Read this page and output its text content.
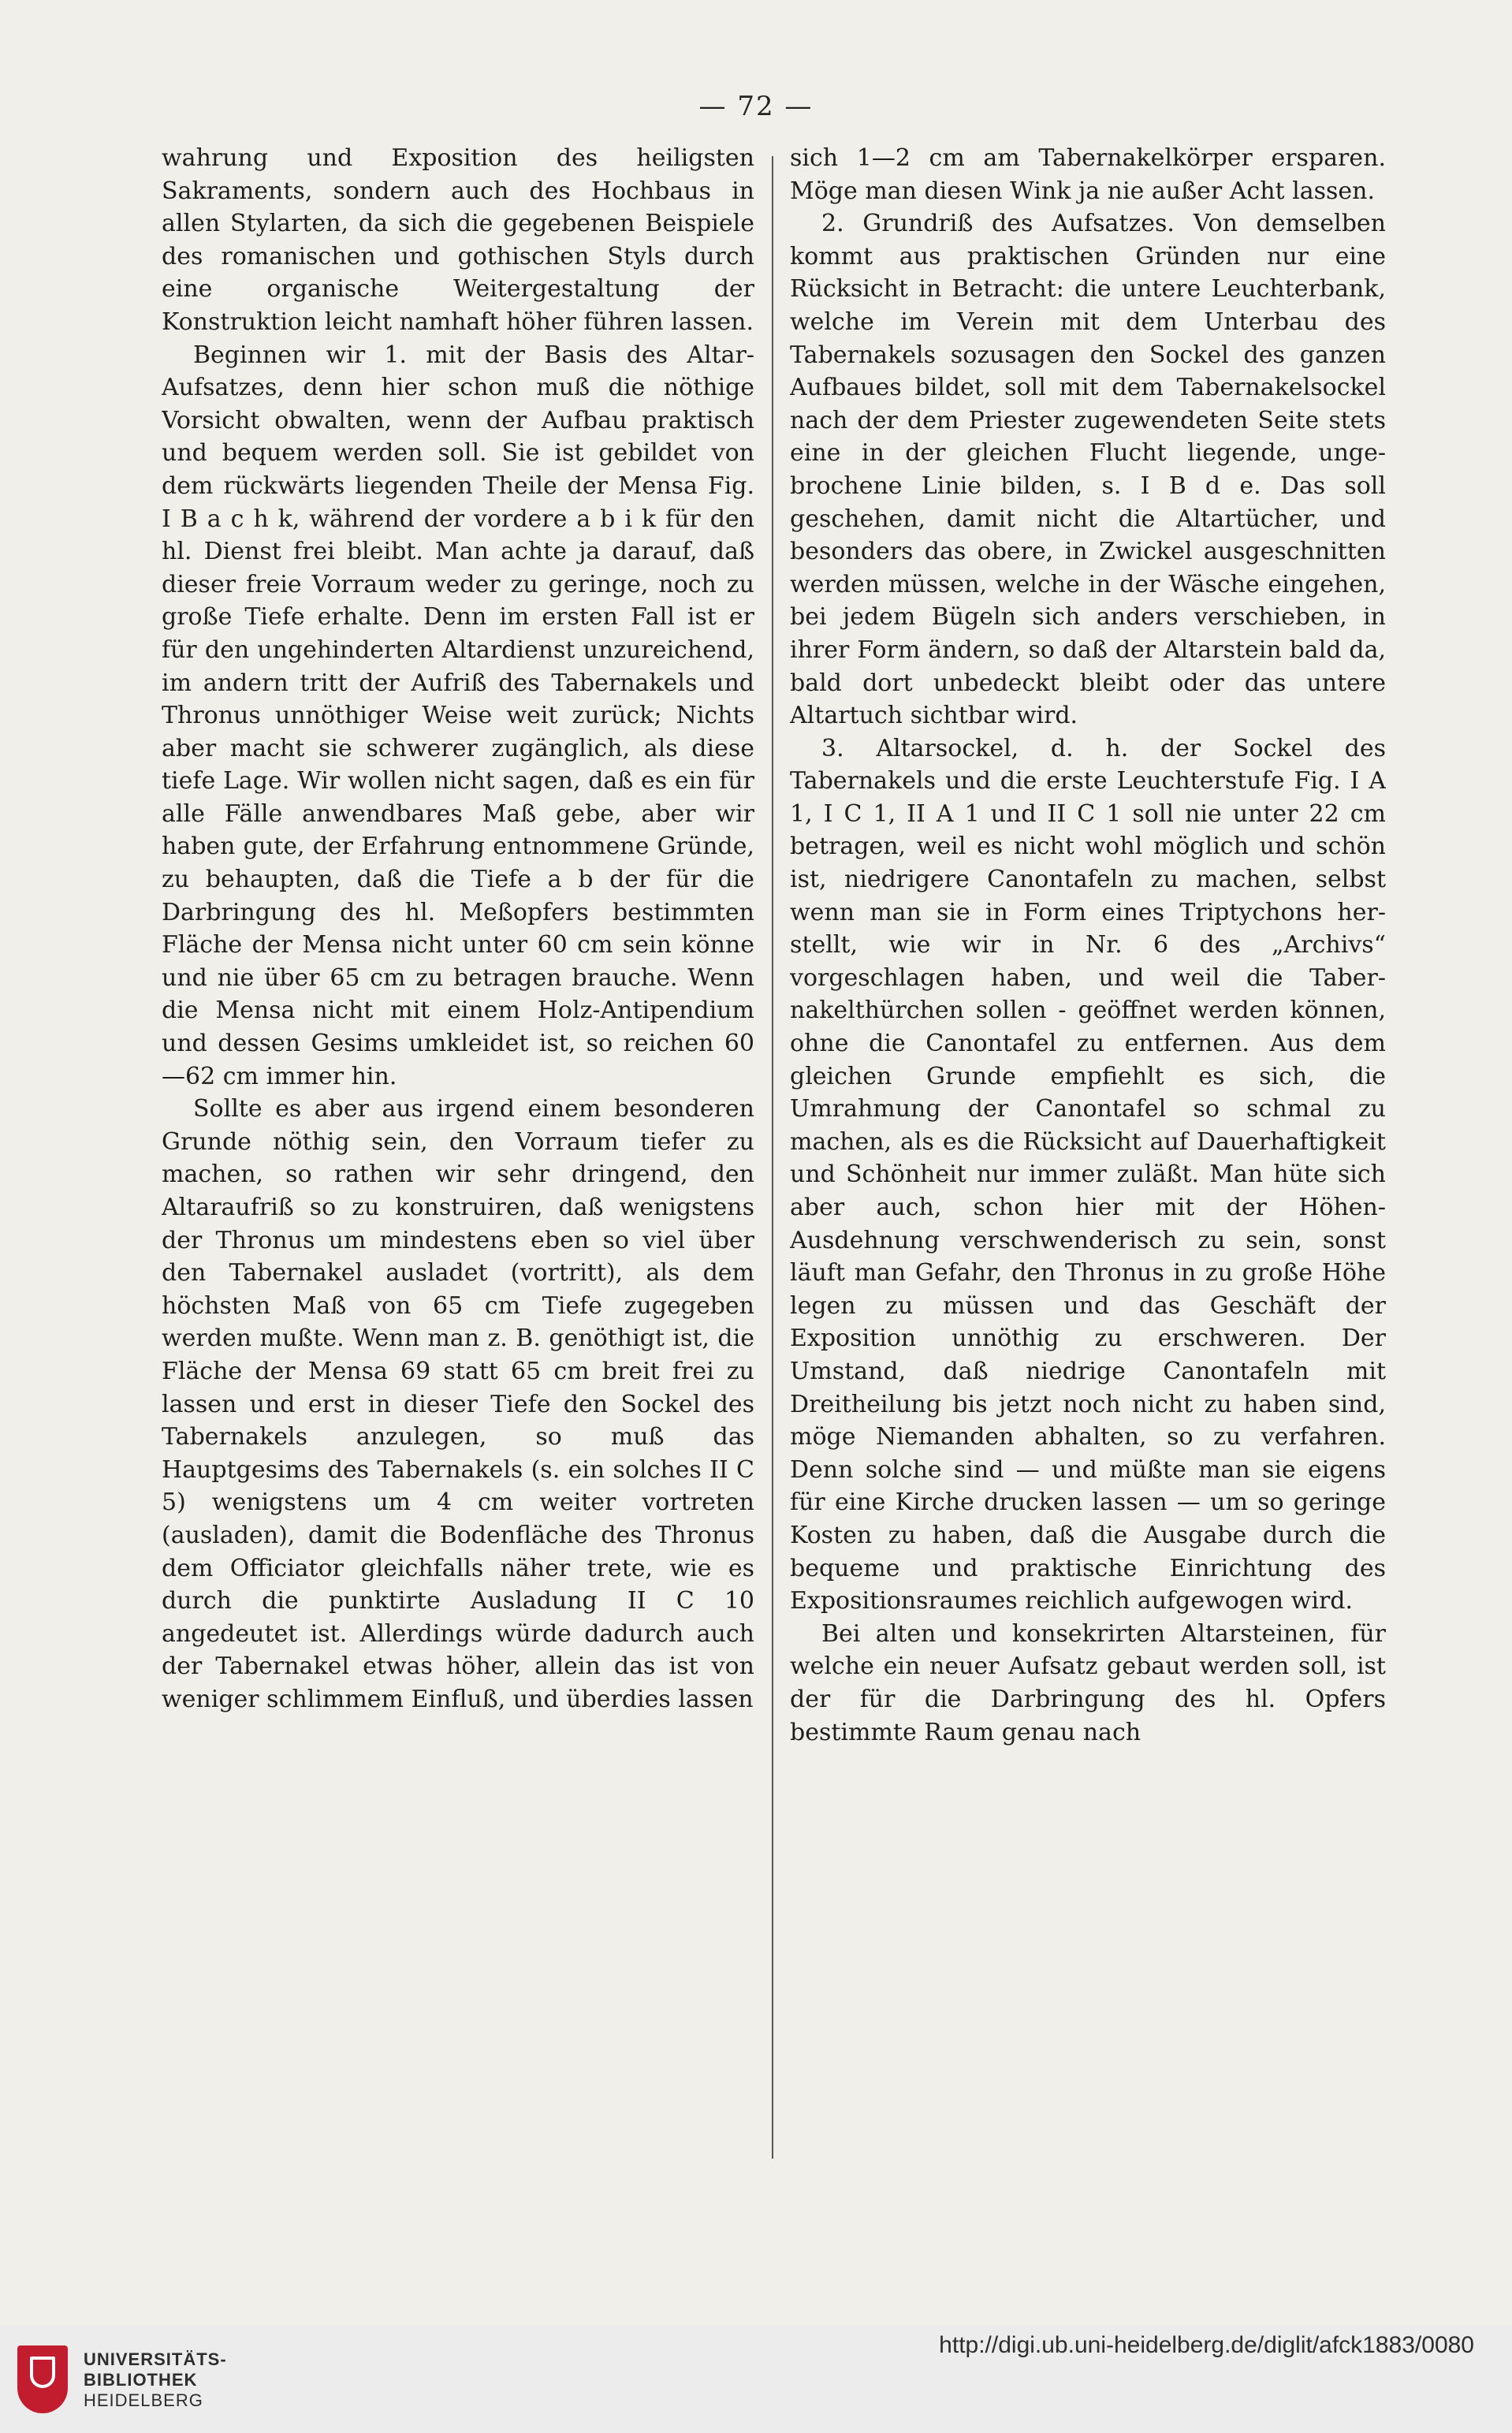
— 72 —

wahrung und Exposition des heiligsten Sakraments, sondern auch des Hochbaus in allen Stylarten, da sich die gegebenen Beispiele des romanischen und gothischen Styls durch eine organische Weitergestaltung der Konstruktion leicht namhaft höher führen lassen.

Beginnen wir 1. mit der Basis des Altar-Aufsatzes, denn hier schon muß die nöthige Vorsicht obwalten, wenn der Aufbau praktisch und bequem werden soll. Sie ist gebildet von dem rückwärts liegenden Theile der Mensa Fig. I B a c h k, während der vordere a b i k für den hl. Dienst frei bleibt. Man achte ja darauf, daß dieser freie Vorraum weder zu geringe, noch zu große Tiefe erhalte. Denn im ersten Fall ist er für den ungehinderten Altardienst unzureichend, im andern tritt der Aufriß des Tabernakels und Thronus unnöthiger Weise weit zurück; Nichts aber macht sie schwerer zugänglich, als diese tiefe Lage. Wir wollen nicht sagen, daß es ein für alle Fälle anwendbares Maß gebe, aber wir haben gute, der Erfahrung entnommene Gründe, zu behaupten, daß die Tiefe a b der für die Darbringung des hl. Meßopfers bestimmten Fläche der Mensa nicht unter 60 cm sein könne und nie über 65 cm zu betragen brauche. Wenn die Mensa nicht mit einem Holz-Antipendium und dessen Gesims umkleidet ist, so reichen 60—62 cm immer hin.

Sollte es aber aus irgend einem besonderen Grunde nöthig sein, den Vorraum tiefer zu machen, so rathen wir sehr dringend, den Altaraufriß so zu konstruiren, daß wenigstens der Thronus um mindestens eben so viel über den Tabernakel ausladet (vortritt), als dem höchsten Maß von 65 cm Tiefe zugegeben werden mußte. Wenn man z. B. genöthigt ist, die Fläche der Mensa 69 statt 65 cm breit frei zu lassen und erst in dieser Tiefe den Sockel des Tabernakels anzulegen, so muß das Hauptgesims des Tabernakels (s. ein solches II C 5) wenigstens um 4 cm weiter vortreten (ausladen), damit die Bodenfläche des Thronus dem Officiator gleichfalls näher trete, wie es durch die punktirte Ausladung II C 10 angedeutet ist. Allerdings würde dadurch auch der Tabernakel etwas höher, allein das ist von weniger schlimmem Einfluß, und überdies lassen

sich 1—2 cm am Tabernakelkörper ersparen. Möge man diesen Wink ja nie außer Acht lassen.

2. Grundriß des Aufsatzes. Von demselben kommt aus praktischen Gründen nur eine Rücksicht in Betracht: die untere Leuchterbank, welche im Verein mit dem Unterbau des Tabernakels sozusagen den Sockel des ganzen Aufbaues bildet, soll mit dem Tabernakelsockel nach der dem Priester zugewendeten Seite stets eine in der gleichen Flucht liegende, ungebrochene Linie bilden, s. I B d e. Das soll geschehen, damit nicht die Altartücher, und besonders das obere, in Zwickel ausgeschnitten werden müssen, welche in der Wäsche eingehen, bei jedem Bügeln sich anders verschieben, in ihrer Form ändern, so daß der Altarstein bald da, bald dort unbedeckt bleibt oder das untere Altartuch sichtbar wird.

3. Altarsockel, d. h. der Sockel des Tabernakels und die erste Leuchterstufe Fig. I A 1, I C 1, II A 1 und II C 1 soll nie unter 22 cm betragen, weil es nicht wohl möglich und schön ist, niedrigere Canontafeln zu machen, selbst wenn man sie in Form eines Triptychons herstellt, wie wir in Nr. 6 des „Archivs“ vorgeschlagen haben, und weil die Tabernakelthürchen sollen - geöffnet werden können, ohne die Canontafel zu entfernen. Aus dem gleichen Grunde empfiehlt es sich, die Umrahmung der Canontafel so schmal zu machen, als es die Rücksicht auf Dauerhaftigkeit und Schönheit nur immer zuläßt. Man hüte sich aber auch, schon hier mit der Höhen-Ausdehnung verschwenderisch zu sein, sonst läuft man Gefahr, den Thronus in zu große Höhe legen zu müssen und das Geschäft der Exposition unnöthig zu erschweren. Der Umstand, daß niedrige Canontafeln mit Dreitheilung bis jetzt noch nicht zu haben sind, möge Niemanden abhalten, so zu verfahren. Denn solche sind — und müßte man sie eigens für eine Kirche drucken lassen — um so geringe Kosten zu haben, daß die Ausgabe durch die bequeme und praktische Einrichtung des Expositionsraumes reichlich aufgewogen wird.

Bei alten und konsekrirten Altarsteinen, für welche ein neuer Aufsatz gebaut werden soll, ist der für die Darbringung des hl. Opfers bestimmte Raum genau nach

UNIVERSITÄTS-
BIBLIOTHEK
HEIDELBERG
http://digi.ub.uni-heidelberg.de/diglit/afck1883/0080
